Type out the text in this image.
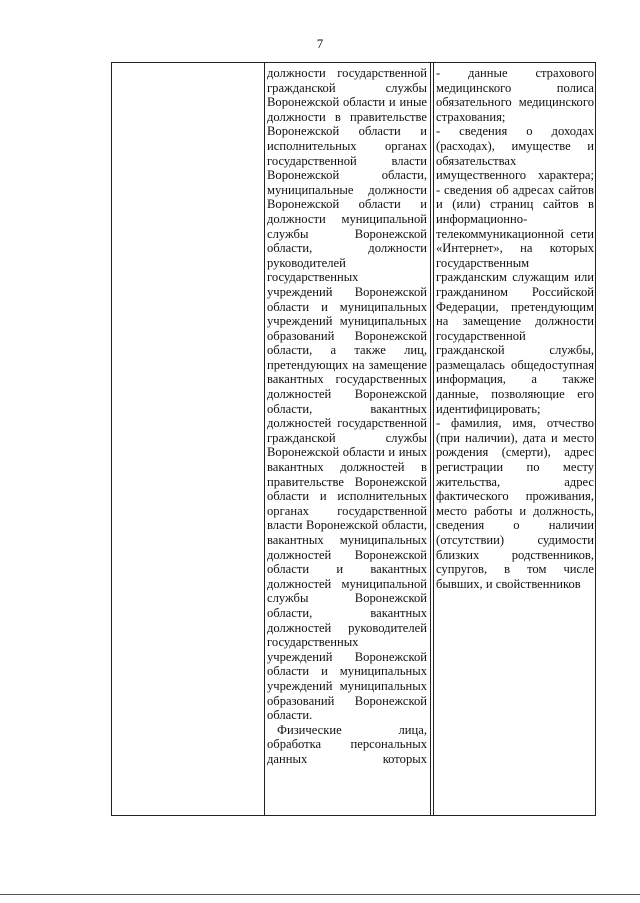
7

должности государственной гражданской службы Воронежской области и иные должности в правительстве Воронежской области и исполнительных органах государственной власти Воронежской области, муниципальные должности Воронежской области и должности муниципальной службы Воронежской области, должности руководителей государственных учреждений Воронежской области и муниципальных учреждений муниципальных образований Воронежской области, а также лиц, претендующих на замещение вакантных государственных должностей Воронежской области, вакантных должностей государственной гражданской службы Воронежской области и иных вакантных должностей в правительстве Воронежской области и исполнительных органах государственной власти Воронежской области, вакантных муниципальных должностей Воронежской области и вакантных должностей муниципальной службы Воронежской области, вакантных должностей руководителей государственных учреждений Воронежской области и муниципальных учреждений муниципальных образований Воронежской области.

Физические лица, обработка персональных данных которых

- данные страхового медицинского полиса обязательного медицинского страхования;

- сведения о доходах (расходах), имуществе и обязательствах имущественного характера;

- сведения об адресах сайтов и (или) страниц сайтов в информационно-телекоммуникационной сети «Интернет», на которых государственным гражданским служащим или гражданином Российской Федерации, претендующим на замещение должности государственной гражданской службы, размещалась общедоступная информация, а также данные, позволяющие его идентифицировать;

- фамилия, имя, отчество (при наличии), дата и место рождения (смерти), адрес регистрации по месту жительства, адрес фактического проживания, место работы и должность, сведения о наличии (отсутствии) судимости близких родственников, супругов, в том числе бывших, и свойственников
